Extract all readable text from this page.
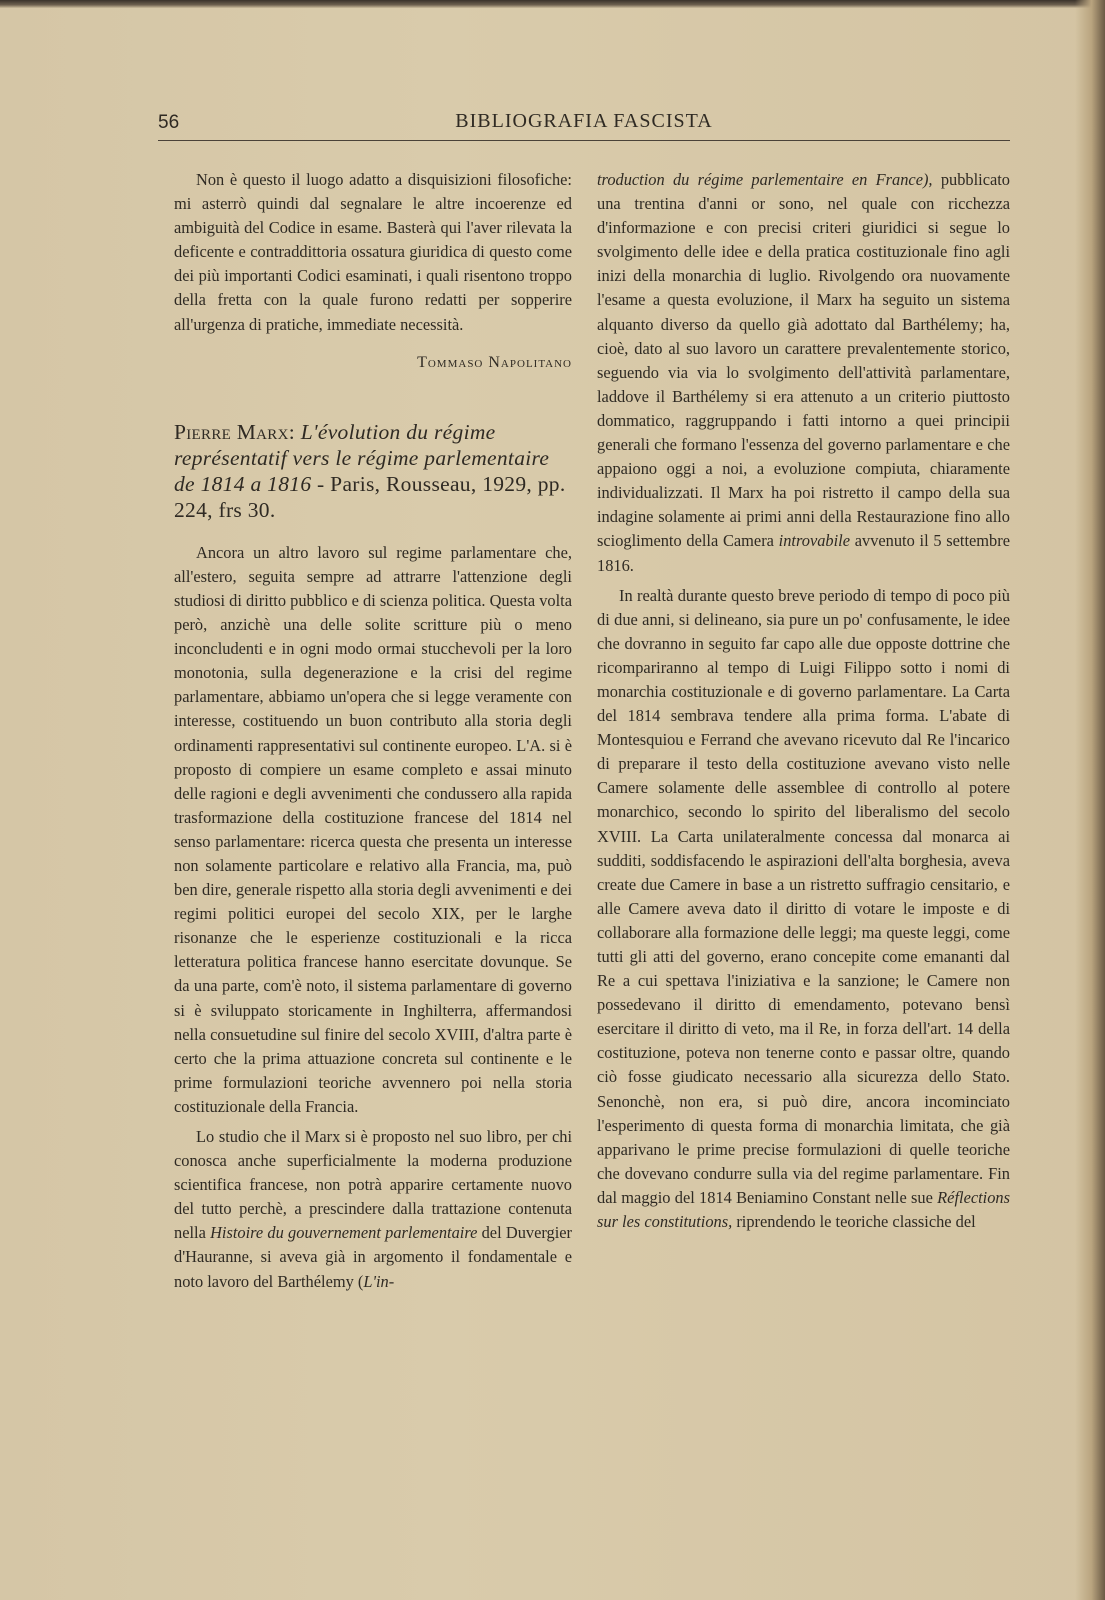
56	BIBLIOGRAFIA FASCISTA

Non è questo il luogo adatto a disquisizioni filosofiche: mi asterrò quindi dal segnalare le altre incoerenze ed ambiguità del Codice in esame. Basterà qui l'aver rilevata la deficente e contraddittoria ossatura giuridica di questo come dei più importanti Codici esaminati, i quali risentono troppo della fretta con la quale furono redatti per sopperire all'urgenza di pratiche, immediate necessità.

Tommaso Napolitano
Pierre Marx: L'évolution du régime représentatif vers le régime parlementaire de 1814 a 1816 - Paris, Rousseau, 1929, pp. 224, frs 30.

Ancora un altro lavoro sul regime parlamentare che, all'estero, seguita sempre ad attrarre l'attenzione degli studiosi di diritto pubblico e di scienza politica. Questa volta però, anzichè una delle solite scritture più o meno inconcludenti e in ogni modo ormai stucchevoli per la loro monotonia, sulla degenerazione e la crisi del regime parlamentare, abbiamo un'opera che si legge veramente con interesse, costituendo un buon contributo alla storia degli ordinamenti rappresentativi sul continente europeo. L'A. si è proposto di compiere un esame completo e assai minuto delle ragioni e degli avvenimenti che condussero alla rapida trasformazione della costituzione francese del 1814 nel senso parlamentare: ricerca questa che presenta un interesse non solamente particolare e relativo alla Francia, ma, può ben dire, generale rispetto alla storia degli avvenimenti e dei regimi politici europei del secolo XIX, per le larghe risonanze che le esperienze costituzionali e la ricca letteratura politica francese hanno esercitate dovunque. Se da una parte, com'è noto, il sistema parlamentare di governo si è sviluppato storicamente in Inghilterra, affermandosi nella consuetudine sul finire del secolo XVIII, d'altra parte è certo che la prima attuazione concreta sul continente e le prime formulazioni teoriche avvennero poi nella storia costituzionale della Francia.

Lo studio che il Marx si è proposto nel suo libro, per chi conosca anche superficialmente la moderna produzione scientifica francese, non potrà apparire certamente nuovo del tutto perchè, a prescindere dalla trattazione contenuta nella Histoire du gouvernement parlementaire del Duvergier d'Hauranne, si aveva già in argomento il fondamentale e noto lavoro del Barthélemy (L'in-

troduction du régime parlementaire en France), pubblicato una trentina d'anni or sono, nel quale con ricchezza d'informazione e con precisi criteri giuridici si segue lo svolgimento delle idee e della pratica costituzionale fino agli inizi della monarchia di luglio. Rivolgendo ora nuovamente l'esame a questa evoluzione, il Marx ha seguito un sistema alquanto diverso da quello già adottato dal Barthélemy; ha, cioè, dato al suo lavoro un carattere prevalentemente storico, seguendo via via lo svolgimento dell'attività parlamentare, laddove il Barthélemy si era attenuto a un criterio piuttosto dommatico, raggruppando i fatti intorno a quei principii generali che formano l'essenza del governo parlamentare e che appaiono oggi a noi, a evoluzione compiuta, chiaramente individualizzati. Il Marx ha poi ristretto il campo della sua indagine solamente ai primi anni della Restaurazione fino allo scioglimento della Camera introvabile avvenuto il 5 settembre 1816.

In realtà durante questo breve periodo di tempo di poco più di due anni, si delineano, sia pure un po' confusamente, le idee che dovranno in seguito far capo alle due opposte dottrine che ricompariranno al tempo di Luigi Filippo sotto i nomi di monarchia costituzionale e di governo parlamentare. La Carta del 1814 sembrava tendere alla prima forma. L'abate di Montesquiou e Ferrand che avevano ricevuto dal Re l'incarico di preparare il testo della costituzione avevano visto nelle Camere solamente delle assemblee di controllo al potere monarchico, secondo lo spirito del liberalismo del secolo XVIII. La Carta unilateralmente concessa dal monarca ai sudditi, soddisfacendo le aspirazioni dell'alta borghesia, aveva create due Camere in base a un ristretto suffragio censitario, e alle Camere aveva dato il diritto di votare le imposte e di collaborare alla formazione delle leggi; ma queste leggi, come tutti gli atti del governo, erano concepite come emananti dal Re a cui spettava l'iniziativa e la sanzione; le Camere non possedevano il diritto di emendamento, potevano bensì esercitare il diritto di veto, ma il Re, in forza dell'art. 14 della costituzione, poteva non tenerne conto e passar oltre, quando ciò fosse giudicato necessario alla sicurezza dello Stato. Senonchè, non era, si può dire, ancora incominciato l'esperimento di questa forma di monarchia limitata, che già apparivano le prime precise formulazioni di quelle teoriche che dovevano condurre sulla via del regime parlamentare. Fin dal maggio del 1814 Beniamino Constant nelle sue Réflections sur les constitutions, riprendendo le teoriche classiche del
